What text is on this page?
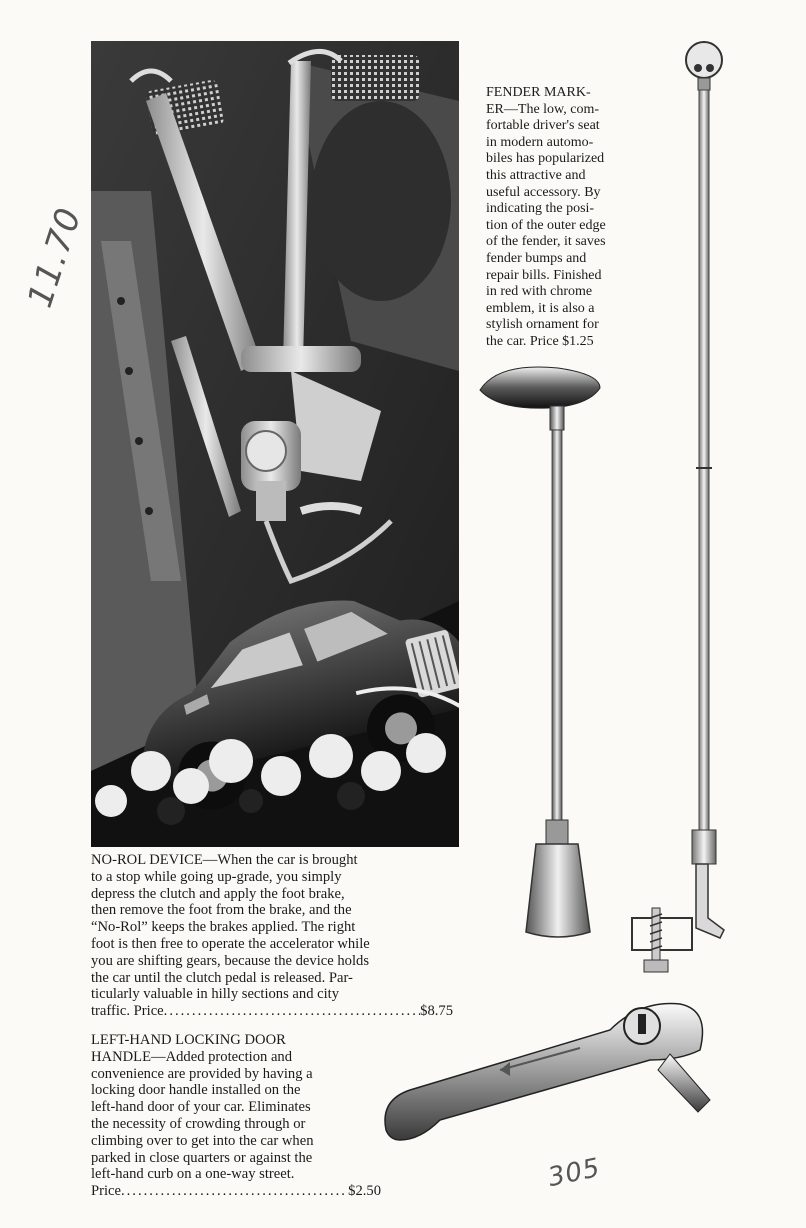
11.70
305
FENDER MARK-
ER—The low, com-
fortable driver's seat
in modern automo-
biles has popularized
this attractive and
useful accessory. By
indicating the posi-
tion of the outer edge
of the fender, it saves
fender bumps and
repair bills. Finished
in red with chrome
emblem, it is also a
stylish ornament for
the car. Price $1.25
NO-ROL DEVICE—When the car is brought
to a stop while going up-grade, you simply
depress the clutch and apply the foot brake,
then remove the foot from the brake, and the
“No-Rol” keeps the brakes applied. The right
foot is then free to operate the accelerator while
you are shifting gears, because the device holds
the car until the clutch pedal is released. Par-
ticularly valuable in hilly sections and city
traffic. Price .....	$8.75
LEFT-HAND LOCKING DOOR
HANDLE—Added protection and
convenience are provided by having a
locking door handle installed on the
left-hand door of your car. Eliminates
the necessity of crowding through or
climbing over to get into the car when
parked in close quarters or against the
left-hand curb on a one-way street.
Price .....	$2.50
